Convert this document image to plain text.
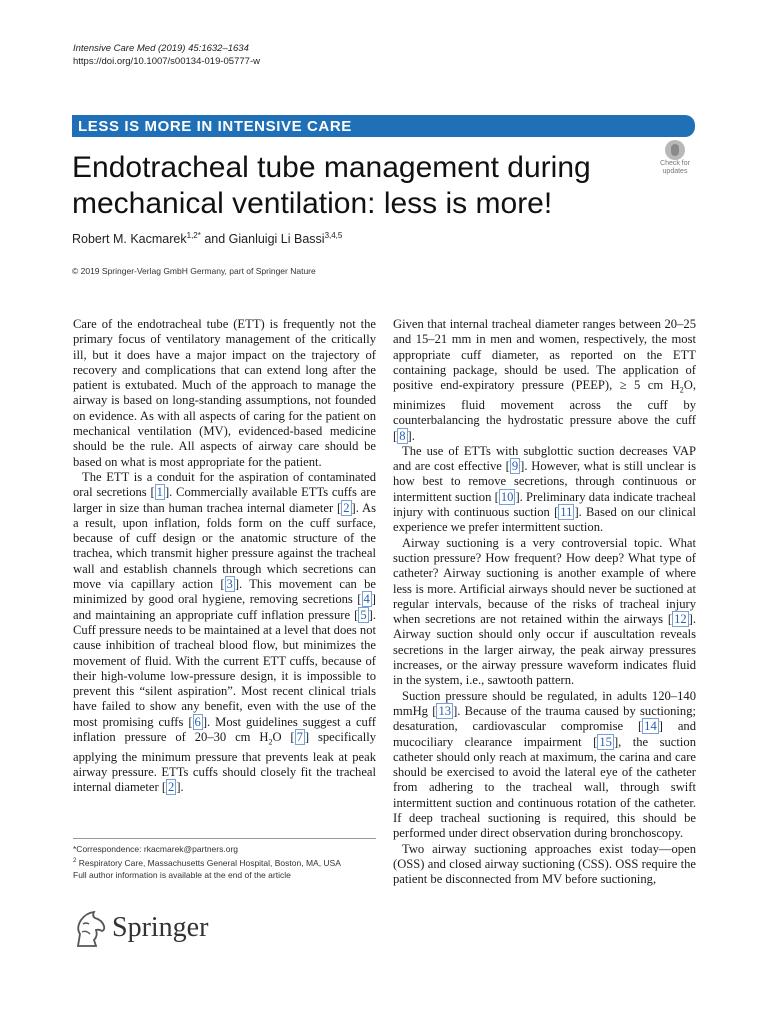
Intensive Care Med (2019) 45:1632–1634
https://doi.org/10.1007/s00134-019-05777-w
LESS IS MORE IN INTENSIVE CARE
Endotracheal tube management during mechanical ventilation: less is more!
Check for
updates
Robert M. Kacmarek$^{1,2*}$ and Gianluigi Li Bassi$^{3,4,5}$
© 2019 Springer-Verlag GmbH Germany, part of Springer Nature

Care of the endotracheal tube (ETT) is frequently not the primary focus of ventilatory management of the critically ill, but it does have a major impact on the trajectory of recovery and complications that can extend long after the patient is extubated. Much of the approach to manage the airway is based on long-standing assumptions, not founded on evidence. As with all aspects of caring for the patient on mechanical ventilation (MV), evidenced-based medicine should be the rule. All aspects of airway care should be based on what is most appropriate for the patient.

The ETT is a conduit for the aspiration of contaminated oral secretions [ 1 ]. Commercially available ETTs cuffs are larger in size than human trachea internal diameter [ 2 ]. As a result, upon inflation, folds form on the cuff surface, because of cuff design or the anatomic structure of the trachea, which transmit higher pressure against the tracheal wall and establish channels through which secretions can move via capillary action [ 3 ]. This movement can be minimized by good oral hygiene, removing secretions [ 4 ] and maintaining an appropriate cuff inflation pressure [ 5 ]. Cuff pressure needs to be maintained at a level that does not cause inhibition of tracheal blood flow, but minimizes the movement of fluid. With the current ETT cuffs, because of their high-volume low-pressure design, it is impossible to prevent this “silent aspiration”. Most recent clinical trials have failed to show any benefit, even with the use of the most promising cuffs [ 6 ]. Most guidelines suggest a cuff inflation pressure of 20–30 cm $H_2O$ [ 7 ] specifically applying the minimum pressure that prevents leak at peak airway pressure. ETTs cuffs should closely fit the tracheal internal diameter [ 2 ].

Given that internal tracheal diameter ranges between 20–25 and 15–21 mm in men and women, respectively, the most appropriate cuff diameter, as reported on the ETT containing package, should be used. The application of positive end-expiratory pressure (PEEP), ≥ 5 cm $H_2O$, minimizes fluid movement across the cuff by counterbalancing the hydrostatic pressure above the cuff [ 8 ].

The use of ETTs with subglottic suction decreases VAP and are cost effective [ 9 ]. However, what is still unclear is how best to remove secretions, through continuous or intermittent suction [ 10 ]. Preliminary data indicate tracheal injury with continuous suction [ 11 ]. Based on our clinical experience we prefer intermittent suction.

Airway suctioning is a very controversial topic. What suction pressure? How frequent? How deep? What type of catheter? Airway suctioning is another example of where less is more. Artificial airways should never be suctioned at regular intervals, because of the risks of tracheal injury when secretions are not retained within the airways [ 12 ]. Airway suction should only occur if auscultation reveals secretions in the larger airway, the peak airway pressures increases, or the airway pressure waveform indicates fluid in the system, i.e., sawtooth pattern.

Suction pressure should be regulated, in adults 120–140 mmHg [ 13 ]. Because of the trauma caused by suctioning; desaturation, cardiovascular compromise [ 14 ] and mucociliary clearance impairment [ 15 ], the suction catheter should only reach at maximum, the carina and care should be exercised to avoid the lateral eye of the catheter from adhering to the tracheal wall, through swift intermittent suction and continuous rotation of the catheter. If deep tracheal suctioning is required, this should be performed under direct observation during bronchoscopy.

Two airway suctioning approaches exist today—open (OSS) and closed airway suctioning (CSS). OSS require the patient be disconnected from MV before suctioning,

*Correspondence: rkacmarek@partners.org
$^2$ Respiratory Care, Massachusetts General Hospital, Boston, MA, USA
Full author information is available at the end of the article
Springer
